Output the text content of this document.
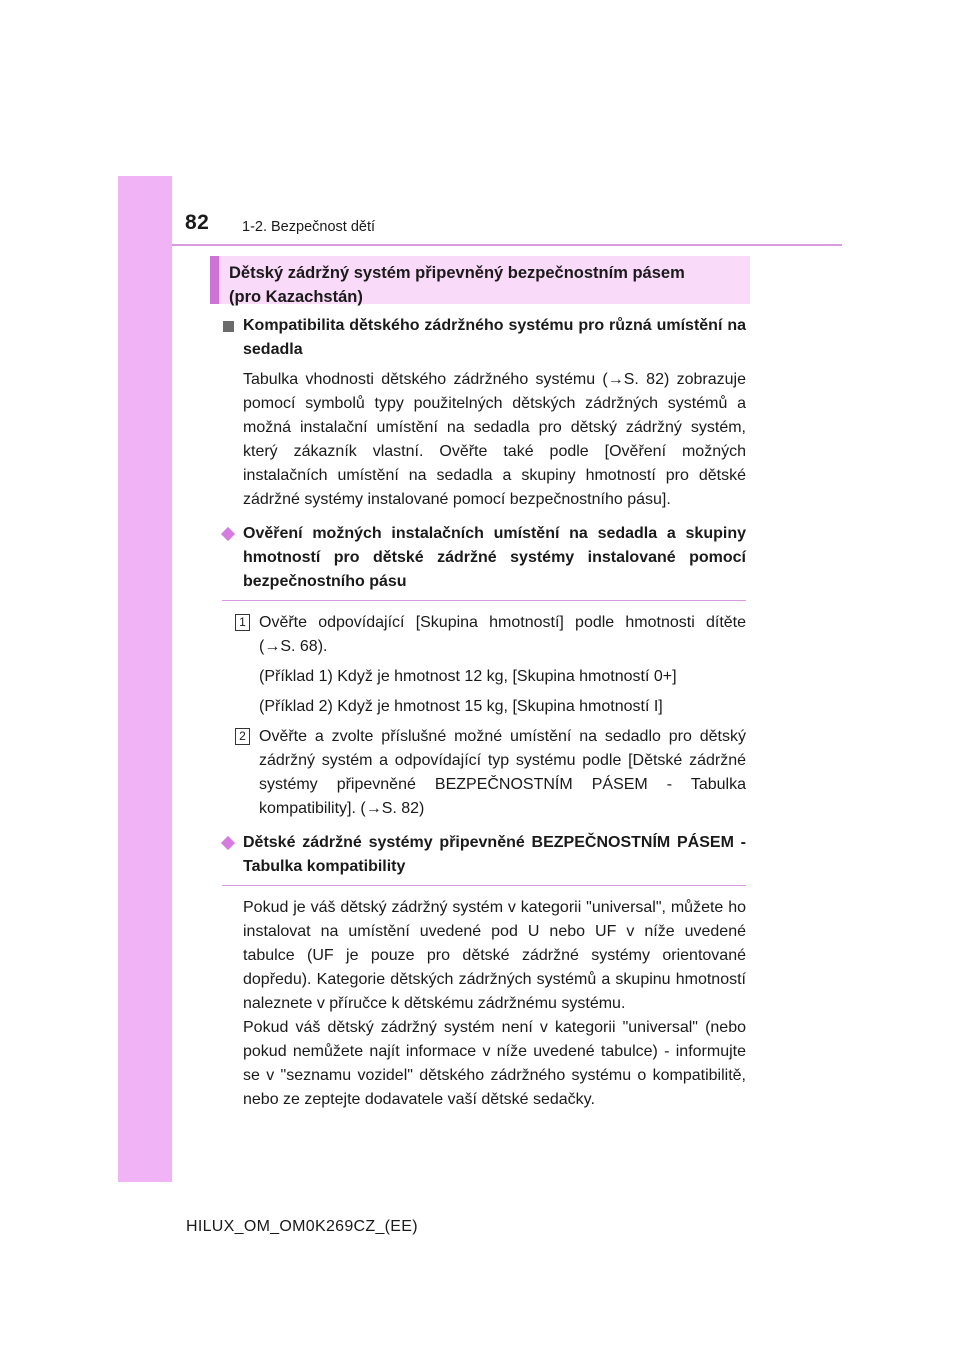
82 1-2. Bezpečnost dětí
Dětský zádržný systém připevněný bezpečnostním pásem
(pro Kazachstán)
Kompatibilita dětského zádržného systému pro různá umístění na sedadla

Tabulka vhodnosti dětského zádržného systému (→S. 82) zobrazuje pomocí symbolů typy použitelných dětských zádržných systémů a možná instalační umístění na sedadla pro dětský zádržný systém, který zákazník vlastní. Ověřte také podle [Ověření možných instalačních umístění na sedadla a skupiny hmotností pro dětské zádržné systémy instalované pomocí bezpečnostního pásu].

Ověření možných instalačních umístění na sedadla a skupiny hmotností pro dětské zádržné systémy instalované pomocí bezpečnostního pásu
1 Ověřte odpovídající [Skupina hmotností] podle hmotnosti dítěte (→S. 68).

(Příklad 1) Když je hmotnost 12 kg, [Skupina hmotností 0+]

(Příklad 2) Když je hmotnost 15 kg, [Skupina hmotností I]

2 Ověřte a zvolte příslušné možné umístění na sedadlo pro dětský zádržný systém a odpovídající typ systému podle [Dětské zádržné systémy připevněné BEZPEČNOSTNÍM PÁSEM - Tabulka kompatibility]. (→S. 82)

Dětské zádržné systémy připevněné BEZPEČNOSTNÍM PÁSEM - Tabulka kompatibility

Pokud je váš dětský zádržný systém v kategorii "universal", můžete ho instalovat na umístění uvedené pod U nebo UF v níže uvedené tabulce (UF je pouze pro dětské zádržné systémy orientované dopředu). Kategorie dětských zádržných systémů a skupinu hmotností naleznete v příručce k dětskému zádržnému systému.

Pokud váš dětský zádržný systém není v kategorii "universal" (nebo pokud nemůžete najít informace v níže uvedené tabulce) - informujte se v "seznamu vozidel" dětského zádržného systému o kompatibilitě, nebo ze zeptejte dodavatele vaší dětské sedačky.

HILUX_OM_OM0K269CZ_(EE)
